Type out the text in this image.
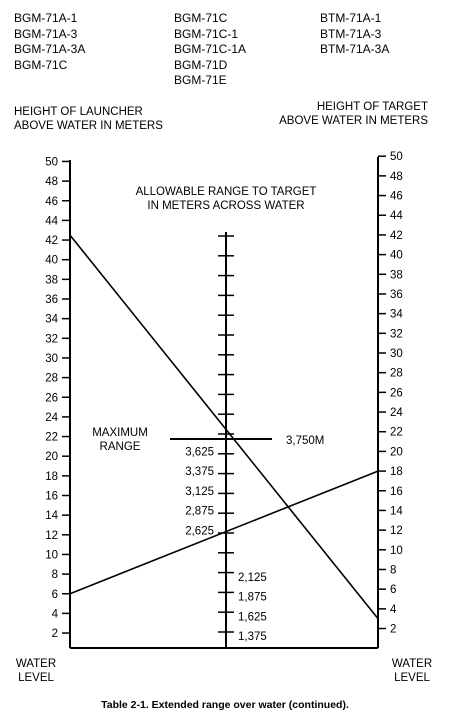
BGM-71A-1
BGM-71A-3
BGM-71A-3A
BGM-71C
BGM-71C
BGM-71C-1
BGM-71C-1A
BGM-71D
BGM-71E
BTM-71A-1
BTM-71A-3
BTM-71A-3A
HEIGHT OF LAUNCHER
ABOVE WATER IN METERS
HEIGHT OF TARGET
ABOVE WATER IN METERS
2
4
6
8
10
12
14
16
18
20
22
24
26
28
30
32
34
36
38
40
42
44
46
48
50
2
4
6
8
10
12
14
16
18
20
22
24
26
28
30
32
34
36
38
40
42
44
46
48
50
1,375
1,625
1,875
2,125
2,625
2,875
3,125
3,375
3,625
ALLOWABLE RANGE TO TARGET
IN METERS ACROSS WATER
MAXIMUM
RANGE	3,750M
WATER
LEVEL
WATER
LEVEL
Table 2-1. Extended range over water (continued).
